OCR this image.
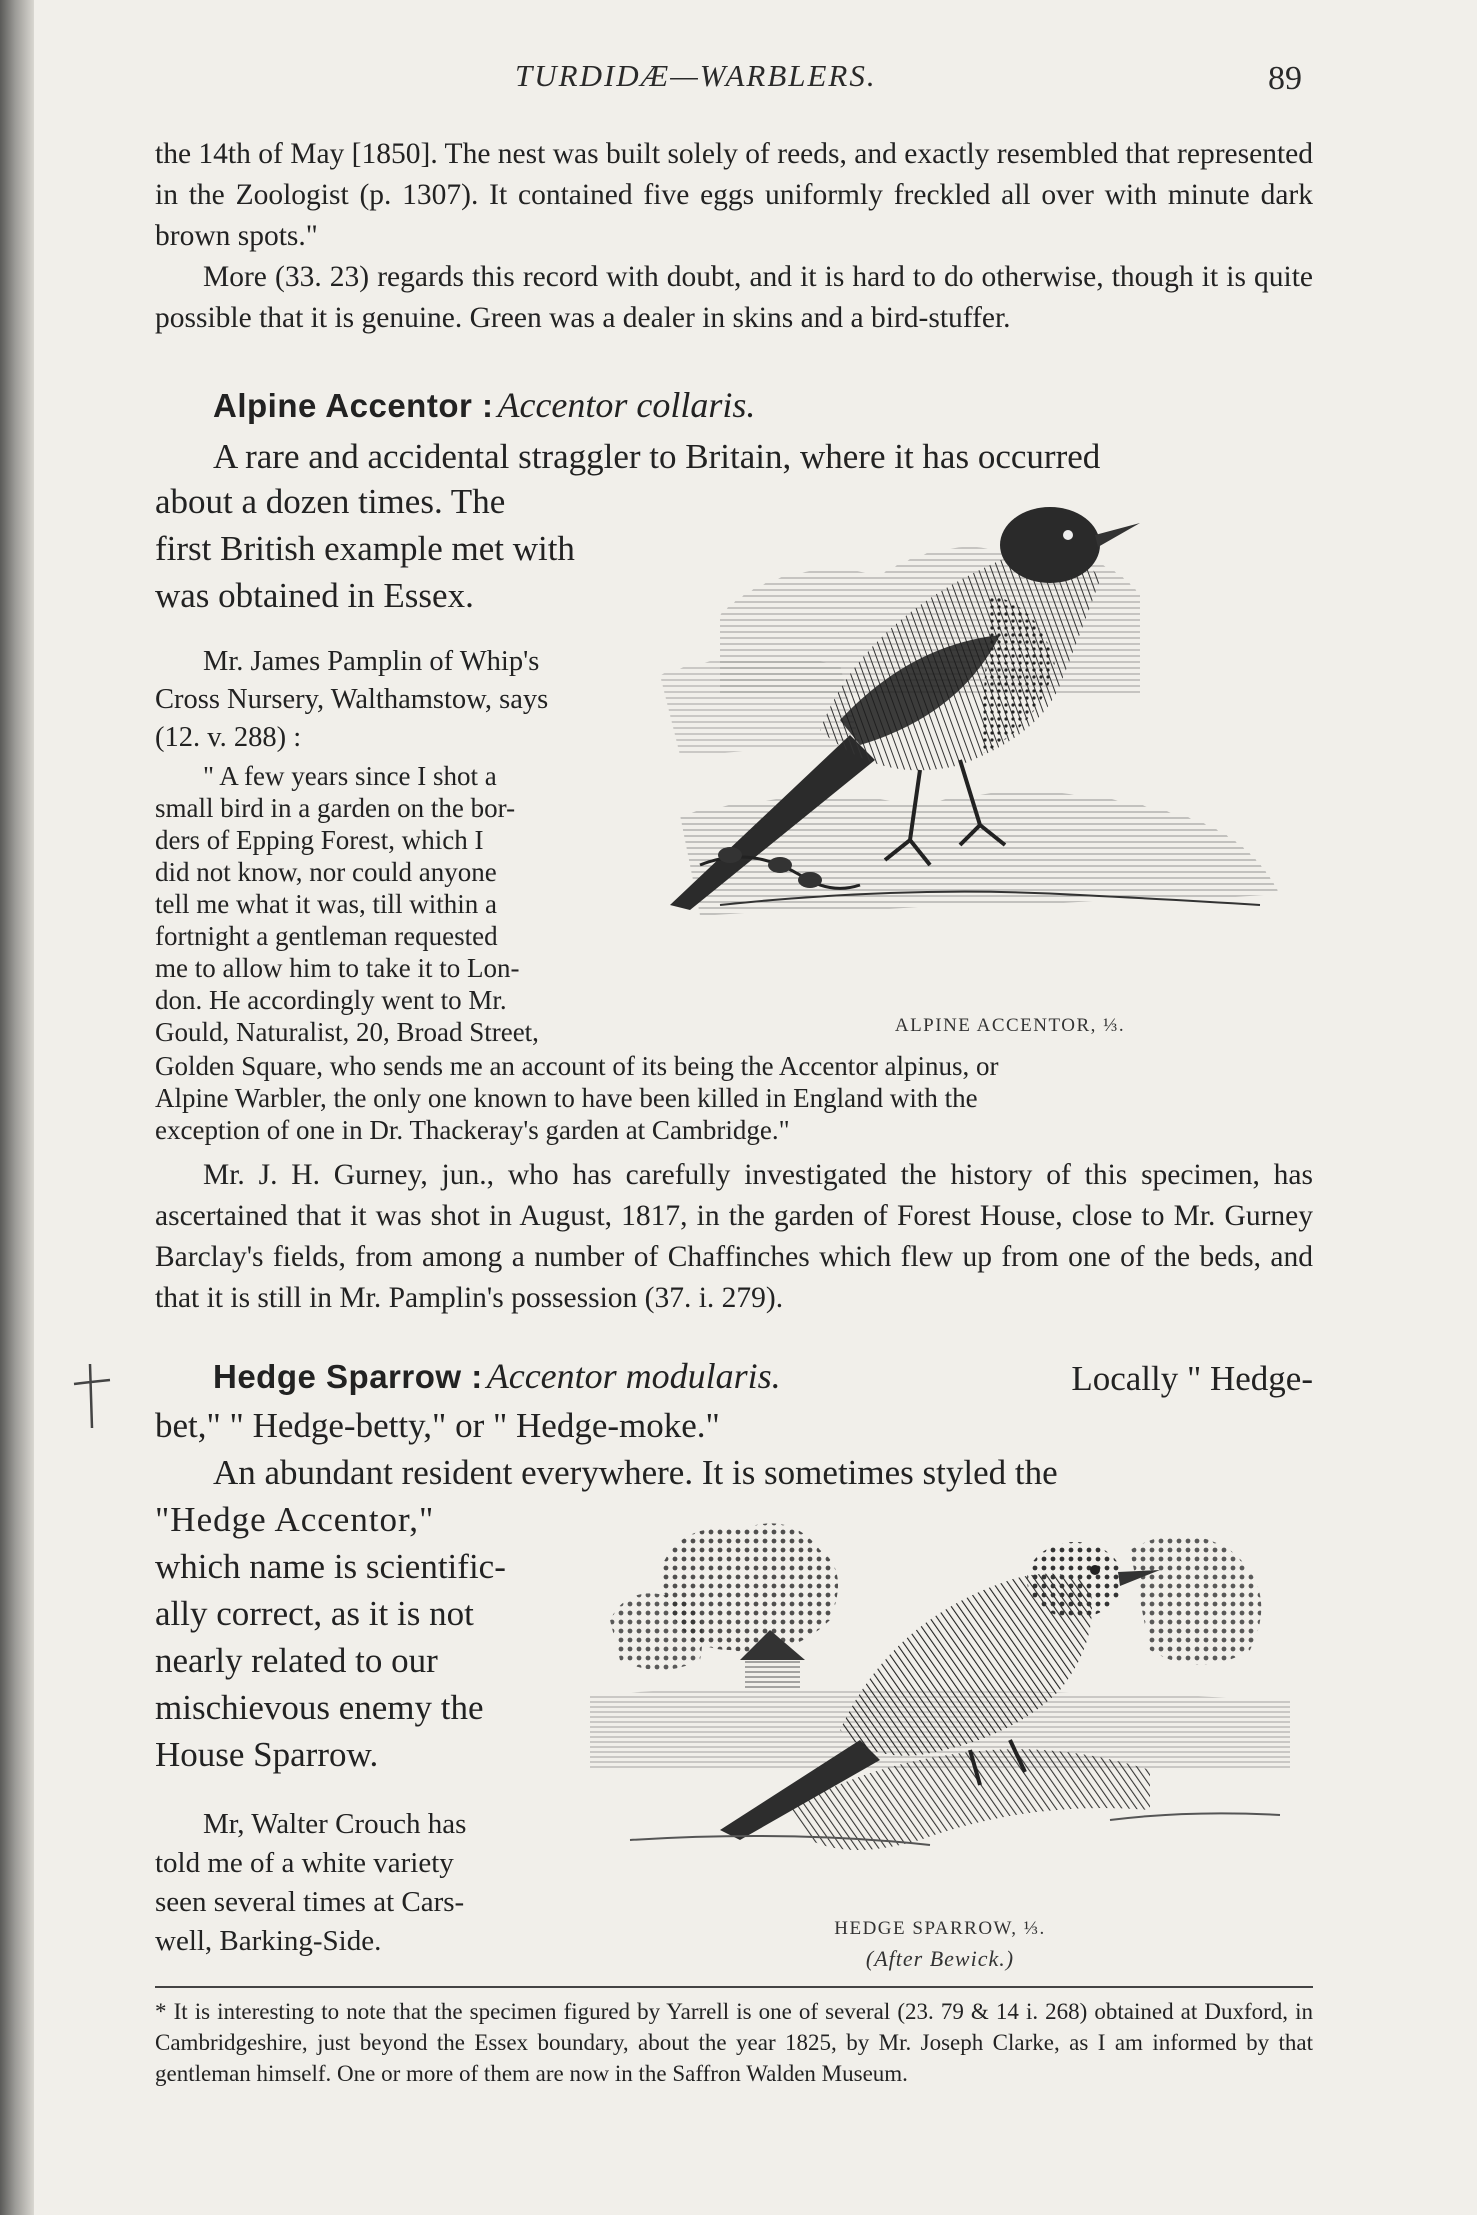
TURDIDÆ—WARBLERS.	89

the 14th of May [1850]. The nest was built solely of reeds, and exactly resembled that represented in the Zoologist (p. 1307). It contained five eggs uniformly freckled all over with minute dark brown spots."

More (33. 23) regards this record with doubt, and it is hard to do otherwise, though it is quite possible that it is genuine. Green was a dealer in skins and a bird-stuffer.

Alpine Accentor : Accentor collaris.
A rare and accidental straggler to Britain, where it has occurred
about a dozen times. The
first British example met with
was obtained in Essex.
Mr. James Pamplin of Whip's
Cross Nursery, Walthamstow, says
(12. v. 288) :
" A few years since I shot a
small bird in a garden on the bor-
ders of Epping Forest, which I
did not know, nor could anyone
tell me what it was, till within a
fortnight a gentleman requested
me to allow him to take it to Lon-
don. He accordingly went to Mr.
Gould, Naturalist, 20, Broad Street,
Golden Square, who sends me an account of its being the Accentor alpinus, or
Alpine Warbler, the only one known to have been killed in England with the
exception of one in Dr. Thackeray's garden at Cambridge."

Mr. J. H. Gurney, jun., who has carefully investigated the history of this specimen, has ascertained that it was shot in August, 1817, in the garden of Forest House, close to Mr. Gurney Barclay's fields, from among a number of Chaffinches which flew up from one of the beds, and that it is still in Mr. Pamplin's possession (37. i. 279).

ALPINE ACCENTOR, ⅓.
Hedge Sparrow : Accentor modularis.	Locally " Hedge-
bet," " Hedge-betty," or " Hedge-moke."
An abundant resident everywhere. It is sometimes styled the
"Hedge Accentor,"
which name is scientific-
ally correct, as it is not
nearly related to our
mischievous enemy the
House Sparrow.
Mr, Walter Crouch has
told me of a white variety
seen several times at Cars-
well, Barking-Side.	HEDGE SPARROW, ⅓.
(After Bewick.)

* It is interesting to note that the specimen figured by Yarrell is one of several (23. 79 & 14 i. 268) obtained at Duxford, in Cambridgeshire, just beyond the Essex boundary, about the year 1825, by Mr. Joseph Clarke, as I am informed by that gentleman himself. One or more of them are now in the Saffron Walden Museum.
